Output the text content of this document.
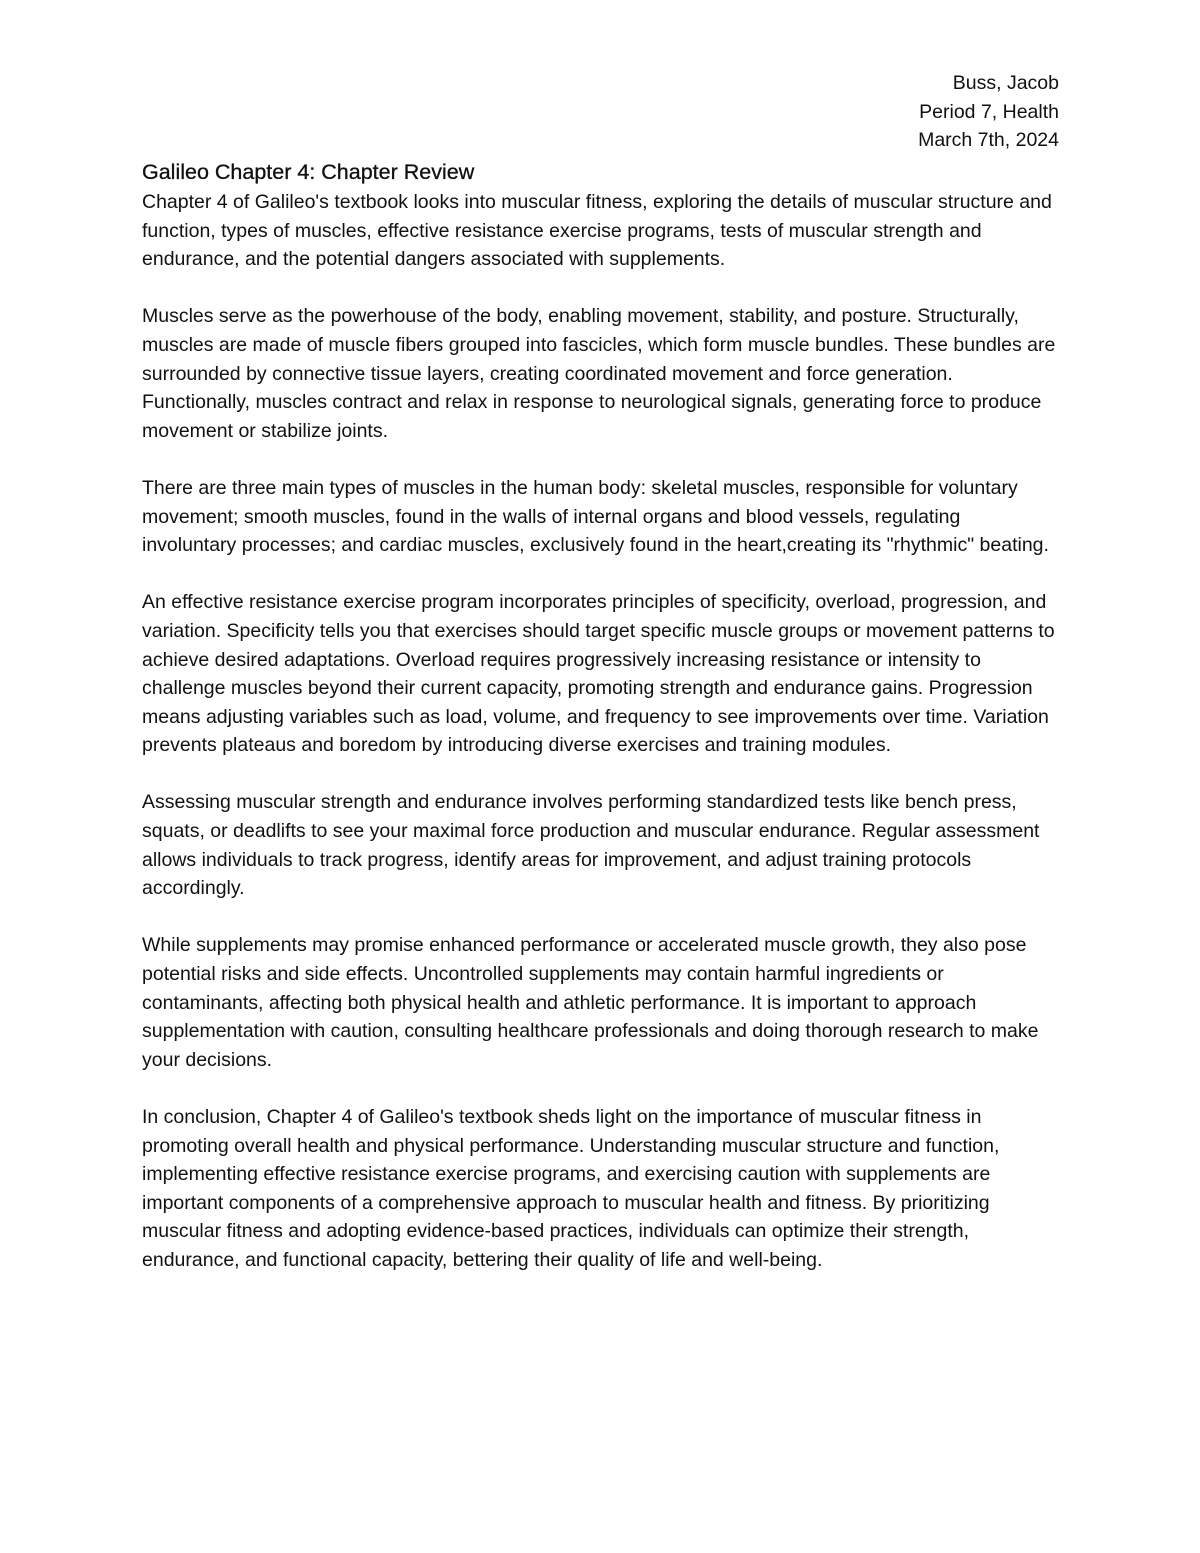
Buss, Jacob
Period 7, Health
March 7th, 2024
Galileo Chapter 4: Chapter Review

Chapter 4 of Galileo's textbook looks into muscular fitness, exploring the details of muscular structure and function, types of muscles, effective resistance exercise programs, tests of muscular strength and endurance, and the potential dangers associated with supplements.

Muscles serve as the powerhouse of the body, enabling movement, stability, and posture. Structurally, muscles are made of muscle fibers grouped into fascicles, which form muscle bundles. These bundles are surrounded by connective tissue layers, creating coordinated movement and force generation. Functionally, muscles contract and relax in response to neurological signals, generating force to produce movement or stabilize joints.

There are three main types of muscles in the human body: skeletal muscles, responsible for voluntary movement; smooth muscles, found in the walls of internal organs and blood vessels, regulating involuntary processes; and cardiac muscles, exclusively found in the heart,creating its "rhythmic" beating.

An effective resistance exercise program incorporates principles of specificity, overload, progression, and variation. Specificity tells you that exercises should target specific muscle groups or movement patterns to achieve desired adaptations. Overload requires progressively increasing resistance or intensity to challenge muscles beyond their current capacity, promoting strength and endurance gains. Progression means adjusting variables such as load, volume, and frequency to see improvements over time. Variation prevents plateaus and boredom by introducing diverse exercises and training modules.

Assessing muscular strength and endurance involves performing standardized tests like bench press, squats, or deadlifts to see your maximal force production and muscular endurance. Regular assessment allows individuals to track progress, identify areas for improvement, and adjust training protocols accordingly.

While supplements may promise enhanced performance or accelerated muscle growth, they also pose potential risks and side effects. Uncontrolled supplements may contain harmful ingredients or contaminants, affecting both physical health and athletic performance. It is important to approach supplementation with caution, consulting healthcare professionals and doing thorough research to make your decisions.

In conclusion, Chapter 4 of Galileo's textbook sheds light on the importance of muscular fitness in promoting overall health and physical performance. Understanding muscular structure and function, implementing effective resistance exercise programs, and exercising caution with supplements are important components of a comprehensive approach to muscular health and fitness. By prioritizing muscular fitness and adopting evidence-based practices, individuals can optimize their strength, endurance, and functional capacity, bettering their quality of life and well-being.
